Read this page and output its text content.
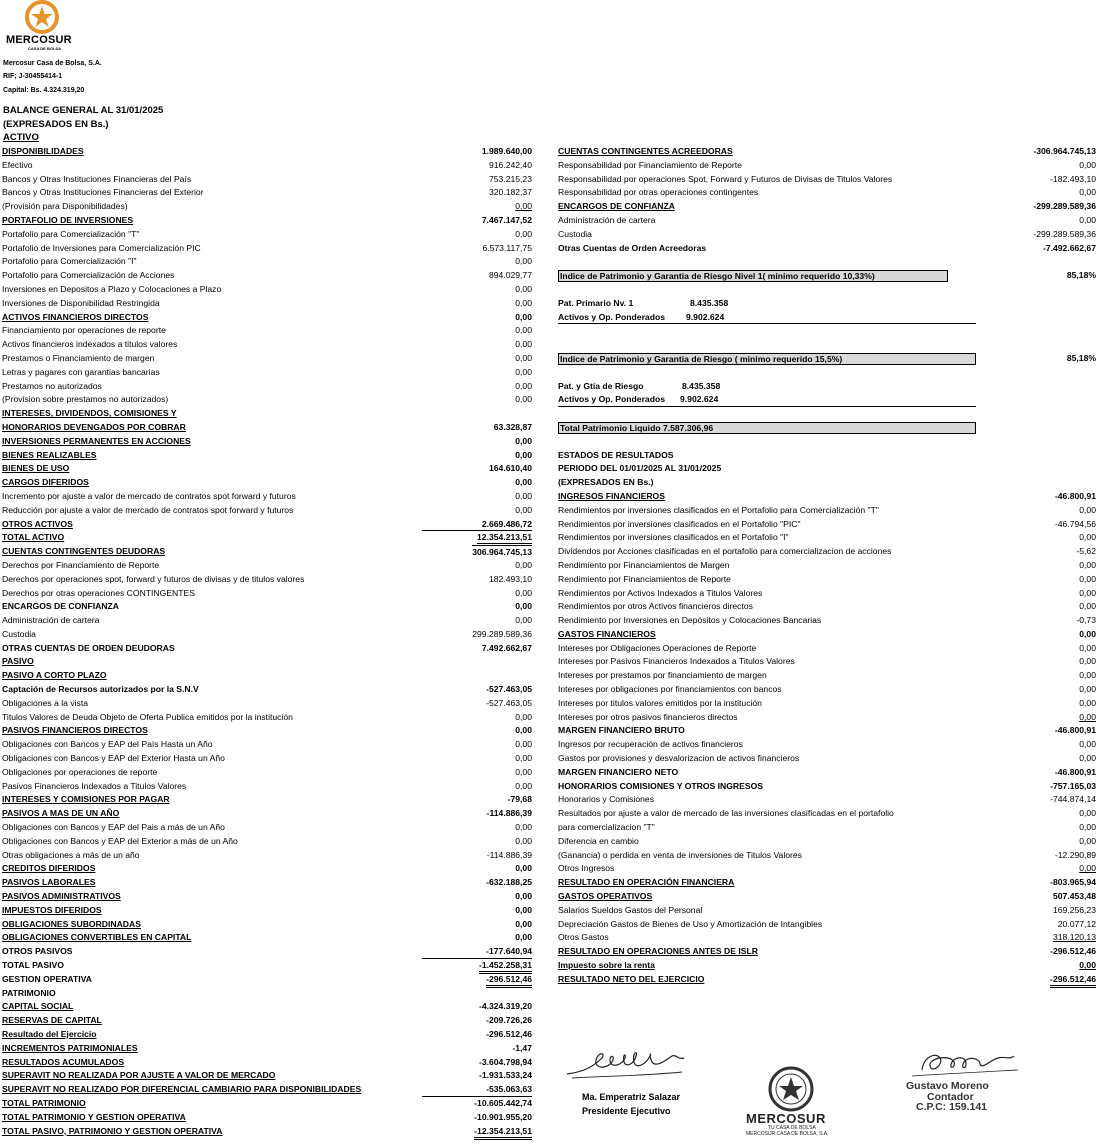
MERCOSUR
CASA DE BOLSA
Mercosur Casa de Bolsa, S.A.
RIF; J-30455414-1
Capital: Bs. 4.324.319,20
BALANCE GENERAL AL 31/01/2025
(EXPRESADOS EN Bs.)
ACTIVO
DISPONIBILIDADES	1.989.640,00
Efectivo	916.242,40
Bancos y Otras Instituciones Financieras del País	753.215,23
Bancos y Otras Instituciones Financieras del Exterior	320.182,37
(Provisión para Disponibilidades)	0,00
PORTAFOLIO DE INVERSIONES	7.467.147,52
Portafolio para Comercialización "T"	0,00
Portafolio de Inversiones para Comercialización PIC	6.573.117,75
Portafolio para Comercialización "I"	0,00
Portafolio para Comercialización de Acciones	894.029,77
Inversiones en Depositos a Plazo y Colocaciones a Plazo	0,00
Inversiones de Disponibilidad Restringida	0,00
ACTIVOS FINANCIEROS DIRECTOS	0,00
Financiamiento por operaciones de reporte	0,00
Activos financieros indexados a titulos valores	0,00
Prestamos o Financiamiento de margen	0,00
Letras y pagares con garantias bancarias	0,00
Prestamos no autorizados	0,00
(Provision sobre prestamos no autorizados)	0,00
INTERESES, DIVIDENDOS, COMISIONES Y
HONORARIOS DEVENGADOS POR COBRAR	63.328,87
INVERSIONES PERMANENTES EN ACCIONES	0,00
BIENES REALIZABLES	0,00
BIENES DE USO	164.610,40
CARGOS DIFERIDOS	0,00
Incremento por ajuste a valor de mercado de contratos spot forward y futuros	0,00
Reducción por ajuste a valor de mercado de contratos spot forward y futuros	0,00
OTROS ACTIVOS	2.669.486,72
TOTAL ACTIVO	12.354.213,51
CUENTAS CONTINGENTES DEUDORAS	306.964.745,13
Derechos por Financiamiento de Reporte	0,00
Derechos por operaciones spot, forward y futuros de divisas y de titulos valores	182.493,10
Derechos por otras operaciones CONTINGENTES	0,00
ENCARGOS DE CONFIANZA	0,00
Administración de cartera	0,00
Custodia	299.289.589,36
OTRAS CUENTAS DE ORDEN DEUDORAS	7.492.662,67
PASIVO
PASIVO A CORTO PLAZO
Captación de Recursos autorizados por la S.N.V	-527.463,05
Obligaciones a la vista	-527.463,05
Titulos Valores de Deuda Objeto de Oferta Publica emitidos por la institución	0,00
PASIVOS FINANCIEROS DIRECTOS	0,00
Obligaciones con Bancos y EAP del País Hasta un Año	0,00
Obligaciones con Bancos y EAP del Exterior Hasta un Año	0,00
Obligaciones por operaciones de reporte	0,00
Pasivos Financieros Indexados a Titulos Valores	0,00
INTERESES Y COMISIONES POR PAGAR	-79,68
PASIVOS A MAS DE UN AÑO	-114.886,39
Obligaciones con Bancos y EAP del Pais a más de un Año	0,00
Obligaciones con Bancos y EAP del Exterior a más de un Año	0,00
Otras obligaciones a más de un año	-114.886,39
CREDITOS DIFERIDOS	0,00
PASIVOS LABORALES	-632.188,25
PASIVOS ADMINISTRATIVOS	0,00
IMPUESTOS DIFERIDOS	0,00
OBLIGACIONES SUBORDINADAS	0,00
OBLIGACIONES CONVERTIBLES EN CAPITAL	0,00
OTROS PASIVOS	-177.640,94
TOTAL PASIVO	-1.452.258,31
GESTION OPERATIVA	-296.512,46
PATRIMONIO
CAPITAL SOCIAL	-4.324.319,20
RESERVAS DE CAPITAL	-209.726,26
Resultado del Ejercicio	-296.512,46
INCREMENTOS PATRIMONIALES	-1,47
RESULTADOS ACUMULADOS	-3.604.798,94
SUPERAVIT NO REALIZADA POR AJUSTE A VALOR DE MERCADO	-1.931.533,24
SUPERAVIT NO REALIZADO POR DIFERENCIAL CAMBIARIO PARA DISPONIBILIDADES	-535.063,63
TOTAL PATRIMONIO	-10.605.442,74
TOTAL PATRIMONIO Y GESTION OPERATIVA	-10.901.955,20
TOTAL PASIVO, PATRIMONIO Y GESTION OPERATIVA	-12.354.213,51
CUENTAS CONTINGENTES ACREEDORAS	-306.964.745,13
Responsabilidad por Financiamiento de Reporte	0,00
Responsabilidad por operaciones Spot, Forward y Futuros de Divisas de Titulos Valores	-182.493,10
Responsabilidad por otras operaciones contingentes	0,00
ENCARGOS DE CONFIANZA	-299.289.589,36
Administración de cartera	0,00
Custodia	-299.289.589,36
Otras Cuentas de Orden Acreedoras	-7.492.662,67
Indice de Patrimonio y Garantia de Riesgo Nivel 1( minimo requerido 10,33%)	85,18%
Pat. Primario Nv. 1	8.435.358
Activos y Op. Ponderados 9.902.624
Indice de Patrimonio y Garantia de Riesgo ( minimo requerido 15,5%)	85,18%
Pat. y Gtía de Riesgo	8.435.358
Activos y Op. Ponderados 9.902.624
Total Patrimonio Liquido 7.587.306,96
ESTADOS DE RESULTADOS
PERIODO DEL 01/01/2025 AL 31/01/2025
(EXPRESADOS EN Bs.)
INGRESOS FINANCIEROS	-46.800,91
Rendimientos por inversiones clasificados en el Portafolio para Comercialización "T"	0,00
Rendimientos por inversiones clasificados en el Portafolio "PIC"	-46.794,56
Rendimientos por inversiones clasificados en el Portafolio "I"	0,00
Dividendos por Acciones clasificadas en el portafolio para comercializacion de acciones	-5,62
Rendimiento por Financiamientos de Margen	0,00
Rendimiento por Financiamientos de Reporte	0,00
Rendimientos por Activos Indexados a Titulos Valores	0,00
Rendimientos por otros Activos financieros directos	0,00
Rendimiento por Inversiones en Depósitos y Colocaciones Bancarias	-0,73
GASTOS FINANCIEROS	0,00
Intereses por Obligaciones Operaciones de Reporte	0,00
Intereses por Pasivos Financieros Indexados a Titulos Valores	0,00
Intereses por prestamos por financiamiento de margen	0,00
Intereses por obligaciones por financiamientos con bancos	0,00
Intereses por titulos valores emitidos por la institución	0,00
Intereses por otros pasivos financieros directos	0,00
MARGEN FINANCIERO BRUTO	-46.800,91
Ingresos por recuperación de activos financieros	0,00
Gastos por provisiones y desvalorizacion de activos financieros	0,00
MARGEN FINANCIERO NETO	-46.800,91
HONORARIOS COMISIONES Y OTROS INGRESOS	-757.165,03
Honorarios y Comisiones	-744.874,14
Resultados por ajuste a valor de mercado de las inversiones clasificadas en el portafolio	0,00
para comercializacion "T"	0,00
Diferencia en cambio	0,00
(Ganancia) o perdida en venta de inversiones de Titulos Valores	-12.290,89
Otros Ingresos	0,00
RESULTADO EN OPERACIÓN FINANCIERA	-803.965,94
GASTOS OPERATIVOS	507.453,48
Salarios Sueldos Gastos del Personal	169.256,23
Depreciación Gastos de Bienes de Uso y Amortización de Intangibles	20.077,12
Otros Gastos	318.120,13
RESULTADO EN OPERACIONES ANTES DE ISLR	-296.512,46
Impuesto sobre la renta	0,00
RESULTADO NETO DEL EJERCICIO	-296.512,46
Ma. Emperatriz Salazar
Presidente Ejecutivo	MERCOSUR
TU CASA DE BOLSA
MERCOSUR CASA DE BOLSA, S.A.
Gustavo Moreno
Contador
C.P.C: 159.141
